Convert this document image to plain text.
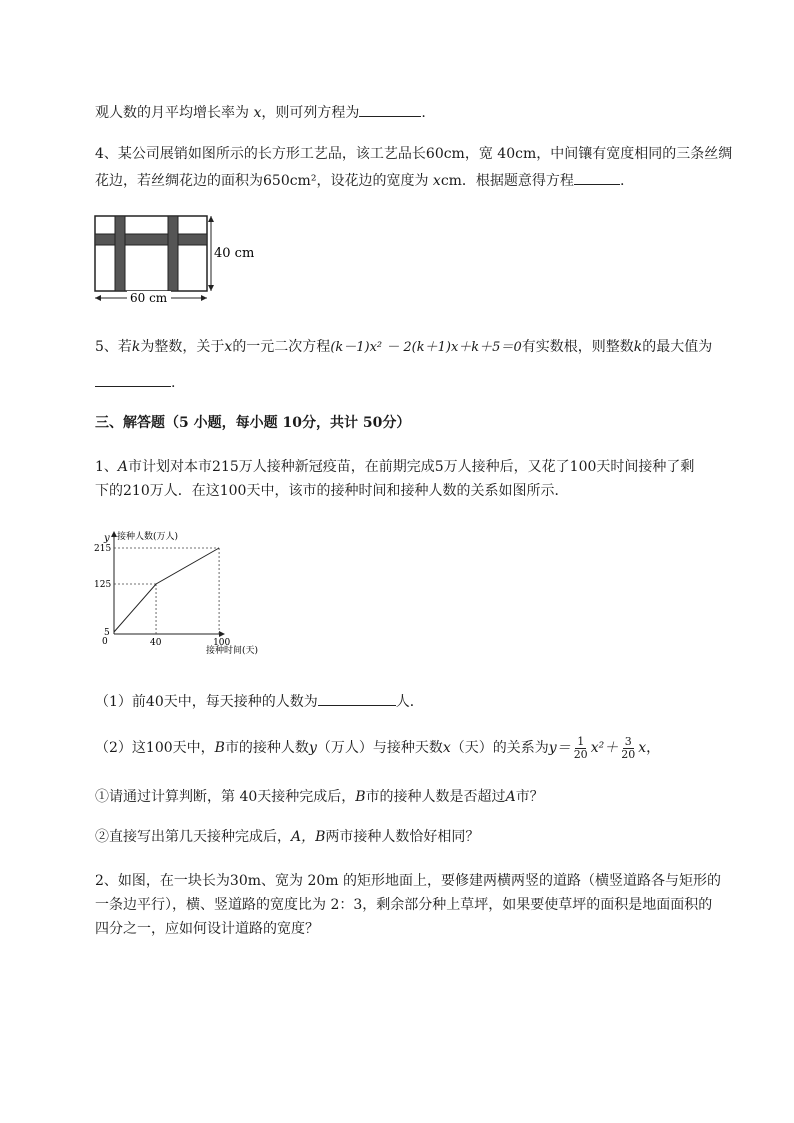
观人数的月平均增长率为 x，则可列方程为	.
4、某公司展销如图所示的长方形工艺品，该工艺品长60cm，宽 40cm，中间镶有宽度相同的三条丝绸
花边，若丝绸花边的面积为650cm²，设花边的宽度为 xcm．根据题意得方程	.
40 cm
60 cm
5、若k为整数，关于x的一元二次方程(k－1)x² － 2(k＋1)x＋k＋5＝0有实数根，则整数k的最大值为
.
三、解答题（5 小题，每小题 10分，共计 50分）
1、A市计划对本市215万人接种新冠疫苗，在前期完成5万人接种后，又花了100天时间接种了剩
下的210万人．在这100天中，该市的接种时间和接种人数的关系如图所示．
y 接种人数(万人)
接种时间(天)
0	40	100
5
125
215
（1）前40天中，每天接种的人数为	人．
（2）这100天中，B市的接种人数y（万人）与接种天数x（天）的关系为$y= \frac{1}{20} x^2+ \frac{3}{20}$ x，
①请通过计算判断，第 40天接种完成后，B市的接种人数是否超过A市？
②直接写出第几天接种完成后，A，B两市接种人数恰好相同？
2、如图，在一块长为30m、宽为 20m 的矩形地面上，要修建两横两竖的道路（横竖道路各与矩形的
一条边平行），横、竖道路的宽度比为 2：3，剩余部分种上草坪，如果要使草坪的面积是地面面积的
四分之一，应如何设计道路的宽度？
